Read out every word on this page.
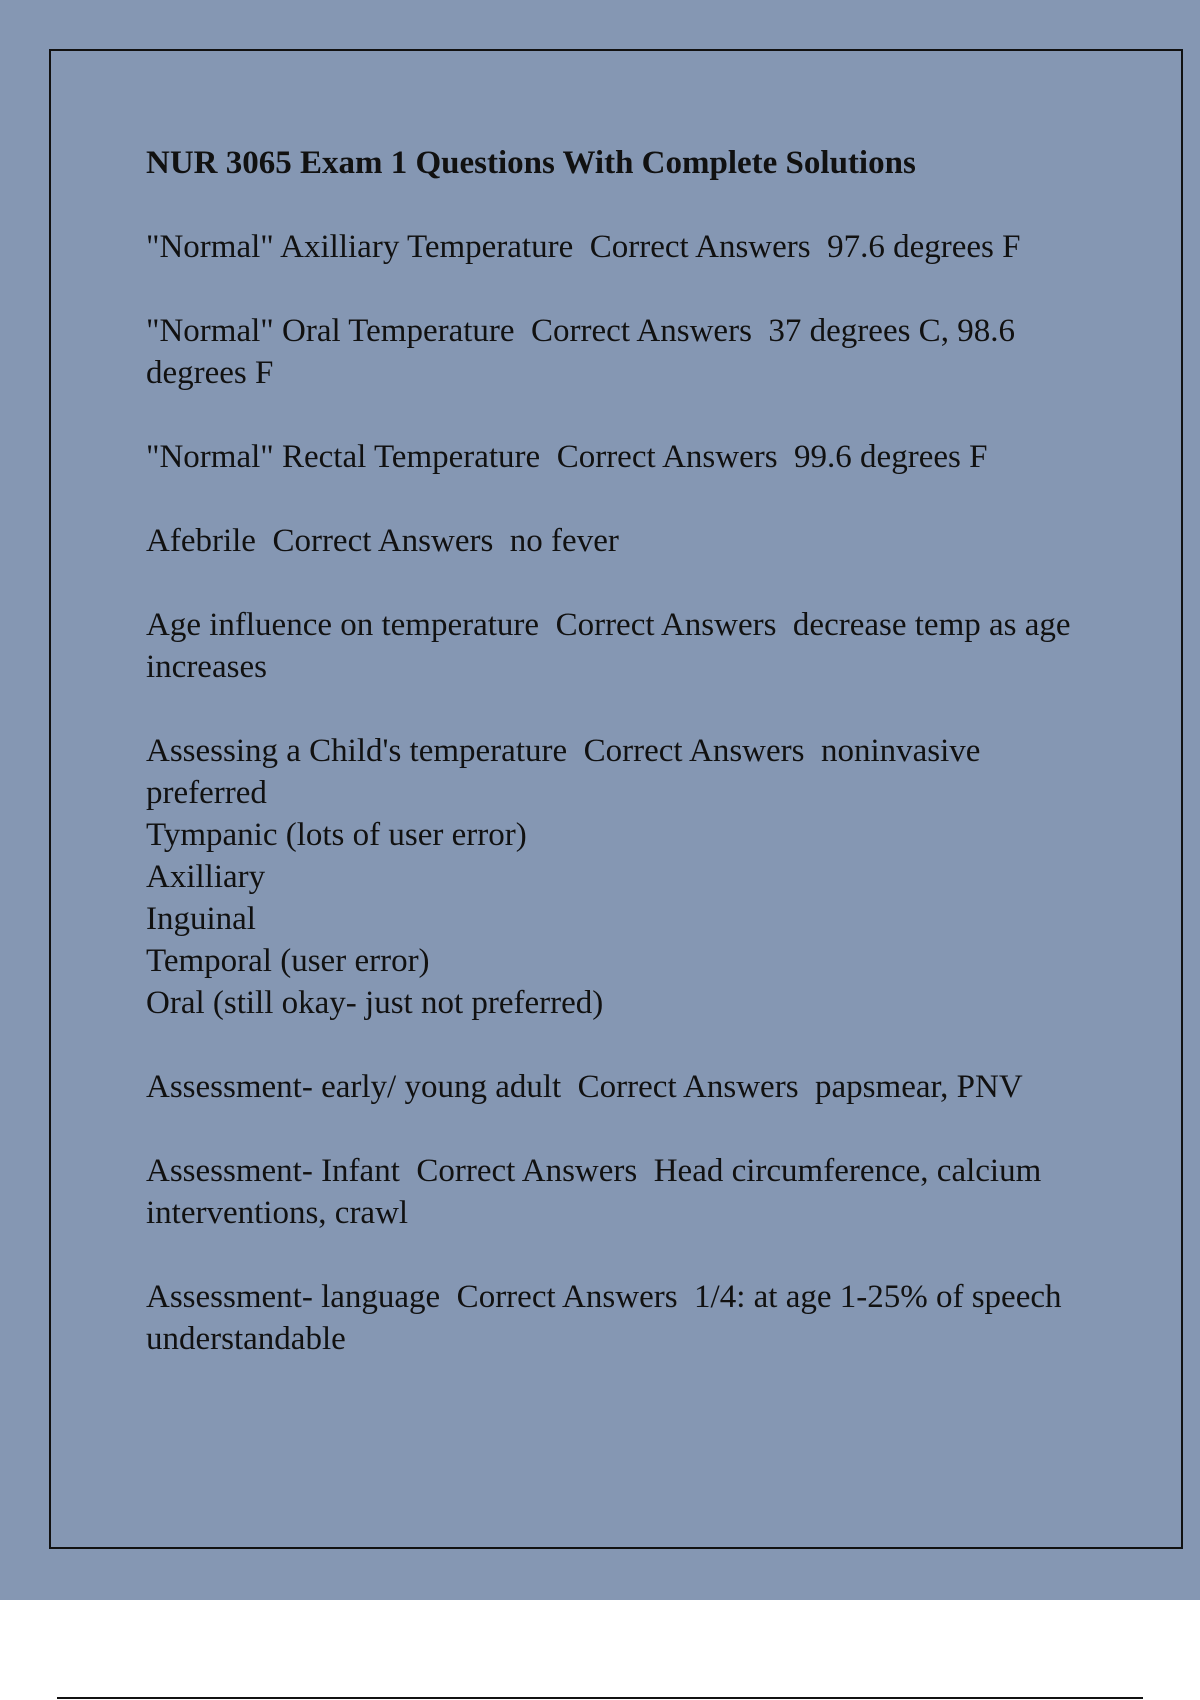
NUR 3065 Exam 1 Questions With Complete Solutions

"Normal" Axilliary Temperature  Correct Answers  97.6 degrees F

"Normal" Oral Temperature  Correct Answers  37 degrees C, 98.6 degrees F

"Normal" Rectal Temperature  Correct Answers  99.6 degrees F

Afebrile  Correct Answers  no fever

Age influence on temperature  Correct Answers  decrease temp as age increases

Assessing a Child's temperature  Correct Answers  noninvasive preferred
Tympanic (lots of user error)
Axilliary
Inguinal
Temporal (user error)
Oral (still okay- just not preferred)

Assessment- early/ young adult  Correct Answers  papsmear, PNV

Assessment- Infant  Correct Answers  Head circumference, calcium interventions, crawl

Assessment- language  Correct Answers  1/4: at age 1-25% of speech understandable
